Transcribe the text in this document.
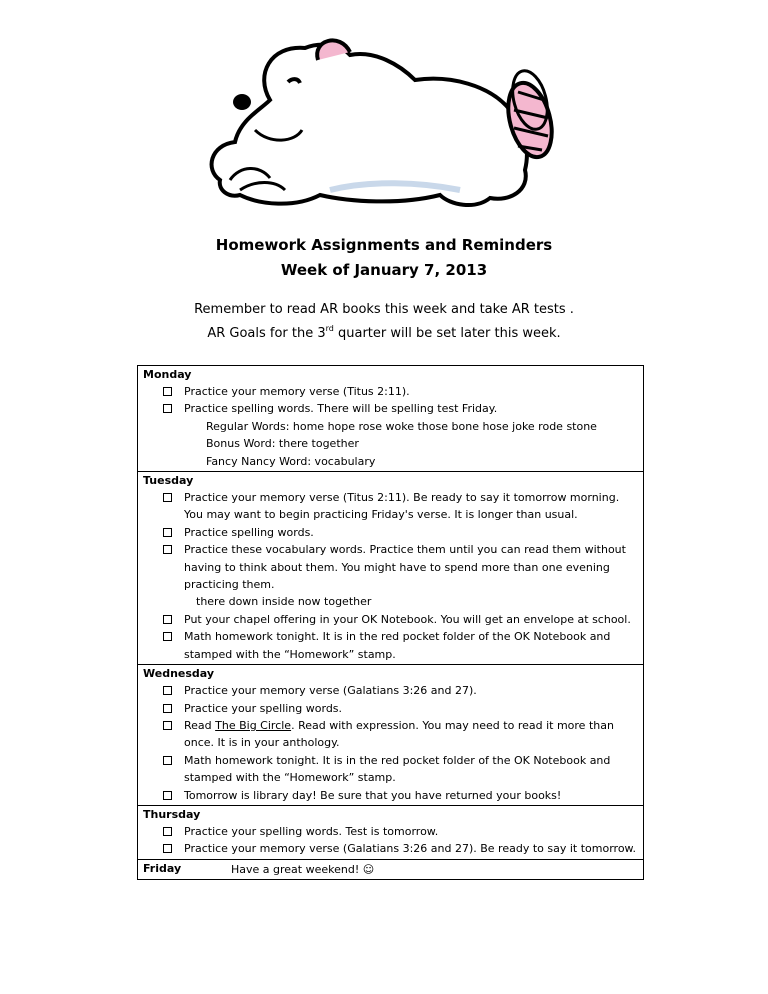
Homework Assignments and Reminders
Week of January 7, 2013
Remember to read AR books this week and take AR tests .
AR Goals for the 3rd quarter will be set later this week.
Monday
Practice your memory verse (Titus 2:11).
Practice spelling words. There will be spelling test Friday.
Regular Words: home hope rose woke those bone hose joke rode stone
Bonus Word: there together
Fancy Nancy Word: vocabulary
Tuesday
Practice your memory verse (Titus 2:11). Be ready to say it tomorrow morning. You may want to begin practicing Friday's verse. It is longer than usual.
Practice spelling words.
Practice these vocabulary words. Practice them until you can read them without having to think about them. You might have to spend more than one evening practicing them.
there down inside now together
Put your chapel offering in your OK Notebook. You will get an envelope at school.
Math homework tonight. It is in the red pocket folder of the OK Notebook and stamped with the “Homework” stamp.
Wednesday
Practice your memory verse (Galatians 3:26 and 27).
Practice your spelling words.
Read The Big Circle. Read with expression. You may need to read it more than once. It is in your anthology.
Math homework tonight. It is in the red pocket folder of the OK Notebook and stamped with the “Homework” stamp.
Tomorrow is library day! Be sure that you have returned your books!
Thursday
Practice your spelling words. Test is tomorrow.
Practice your memory verse (Galatians 3:26 and 27). Be ready to say it tomorrow.
Friday	Have a great weekend! ☺
